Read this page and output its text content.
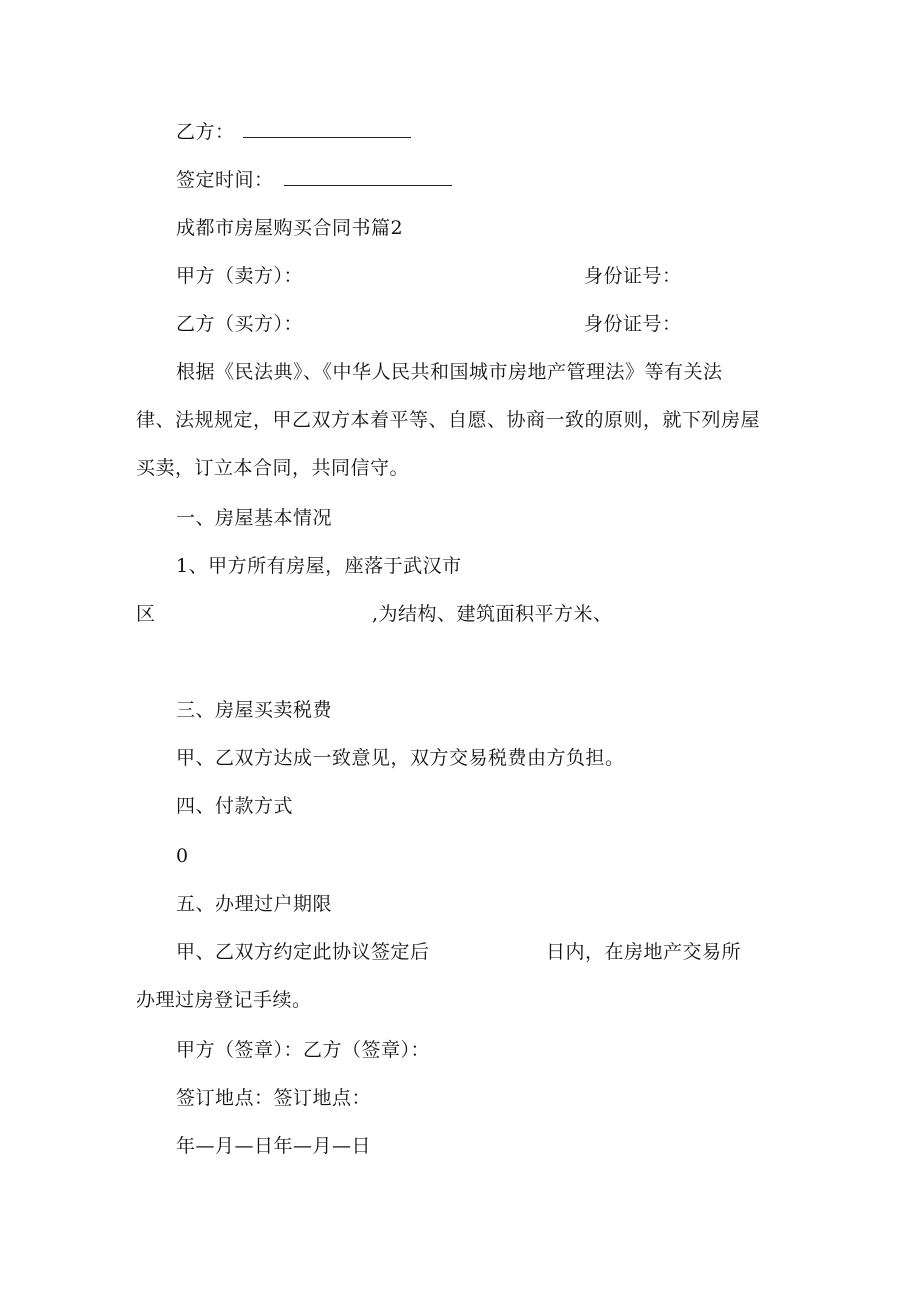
乙方：
签定时间：
成都市房屋购买合同书篇2
甲方（卖方）：	身份证号：
乙方（买方）：	身份证号：
根据《民法典》、《中华人民共和国城市房地产管理法》等有关法
律、法规规定，甲乙双方本着平等、自愿、协商一致的原则，就下列房屋
买卖，订立本合同，共同信守。
一、房屋基本情况
1、甲方所有房屋，座落于武汉市
区	,为结构、建筑面积平方米、
三、房屋买卖税费
甲、乙双方达成一致意见，双方交易税费由方负担。
四、付款方式
0
五、办理过户期限
甲、乙双方约定此协议签定后	日内，在房地产交易所
办理过房登记手续。
甲方（签章）：乙方（签章）：
签订地点：签订地点：
年—月—日年—月—日
